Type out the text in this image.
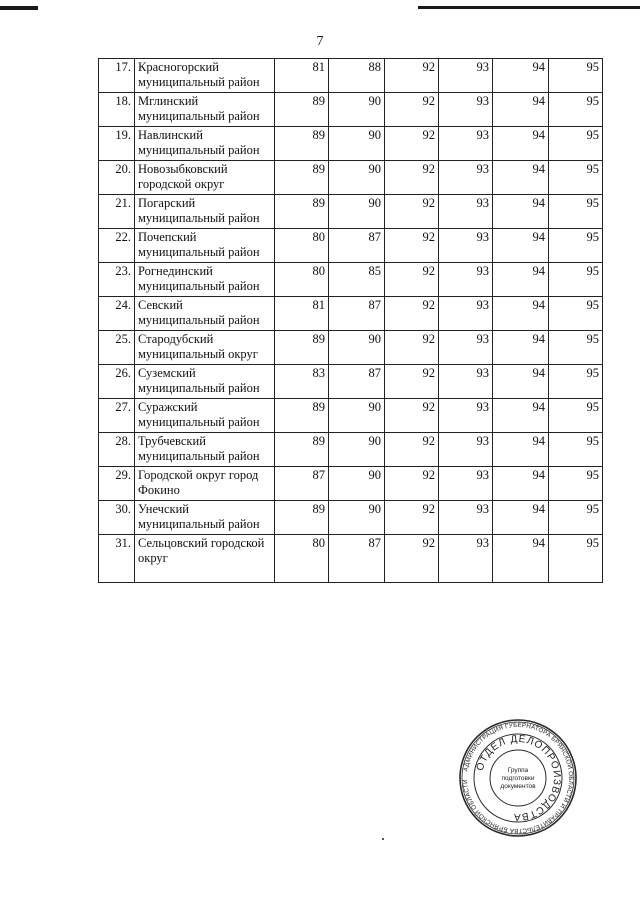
7
17.	Красногорский муниципальный район	81	88	92	93	94	95
18.	Мглинский муниципальный район	89	90	92	93	94	95
19.	Навлинский муниципальный район	89	90	92	93	94	95
20.	Новозыбковский городской округ	89	90	92	93	94	95
21.	Погарский муниципальный район	89	90	92	93	94	95
22.	Почепский муниципальный район	80	87	92	93	94	95
23.	Рогнединский муниципальный район	80	85	92	93	94	95
24.	Севский муниципальный район	81	87	92	93	94	95
25.	Стародубский муниципальный округ	89	90	92	93	94	95
26.	Суземский муниципальный район	83	87	92	93	94	95
27.	Суражский муниципальный район	89	90	92	93	94	95
28.	Трубчевский муниципальный район	89	90	92	93	94	95
29.	Городской округ город Фокино	87	90	92	93	94	95
30.	Унечский муниципальный район	89	90	92	93	94	95
31.	Сельцовский городской округ	80	87	92	93	94	95
АДМИНИСТРАЦИЯ ГУБЕРНАТОРА БРЯНСКОЙ ОБЛАСТИ И ПРАВИТЕЛЬСТВА БРЯНСКОЙ ОБЛАСТИ
ОТДЕЛ ДЕЛОПРОИЗВОДСТВА
Группа
подготовки
документов
